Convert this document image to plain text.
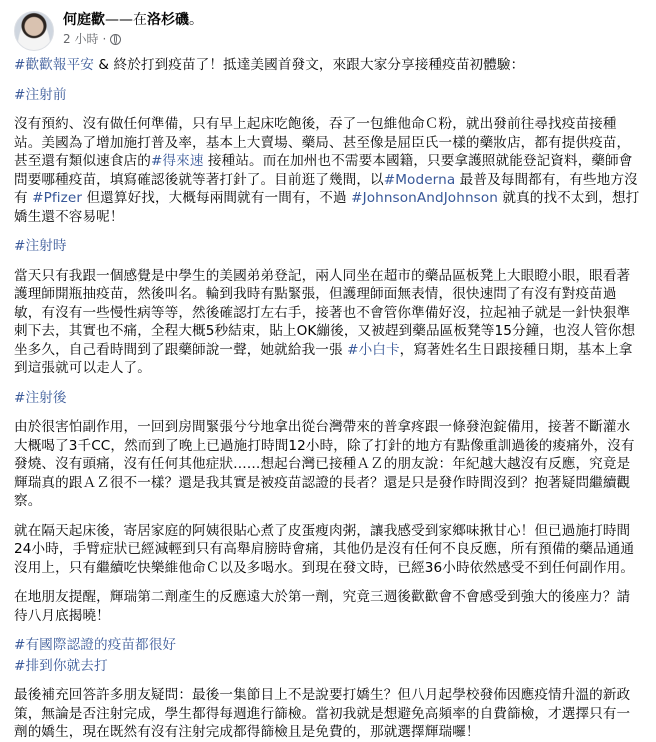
何庭歡——在洛杉磯。
2 小時 ·

#歡歡報平安 & 終於打到疫苗了！抵達美國首發文，來跟大家分享接種疫苗初體驗：

#注射前

沒有預約、沒有做任何準備，只有早上起床吃飽後，吞了一包維他命Ｃ粉，就出發前往尋找疫苗接種站。美國為了增加施打普及率，基本上大賣場、藥局、甚至像是屈臣氏一樣的藥妝店，都有提供疫苗，甚至還有類似速食店的#得來速 接種站。而在加州也不需要本國籍，只要拿護照就能登記資料，藥師會問要哪種疫苗，填寫確認後就等著打針了。目前逛了幾間，以#Moderna 最普及每間都有，有些地方沒有 #Pfizer 但還算好找，大概每兩間就有一間有，不過 #JohnsonAndJohnson 就真的找不太到，想打嬌生還不容易呢！

#注射時

當天只有我跟一個感覺是中學生的美國弟弟登記，兩人同坐在超市的藥品區板凳上大眼瞪小眼，眼看著護理師開瓶抽疫苗，然後叫名。輪到我時有點緊張，但護理師面無表情，很快速問了有沒有對疫苗過敏，有沒有一些慢性病等等，然後確認打左右手，接著也不會管你準備好沒，拉起袖子就是一針快狠準刺下去，其實也不痛，全程大概5秒結束，貼上OK繃後，又被趕到藥品區板凳等15分鐘，也沒人管你想坐多久，自己看時間到了跟藥師說一聲，她就給我一張 #小白卡，寫著姓名生日跟接種日期，基本上拿到這張就可以走人了。

#注射後

由於很害怕副作用，一回到房間緊張兮兮地拿出從台灣帶來的普拿疼跟一條發泡錠備用，接著不斷灌水大概喝了3千CC，然而到了晚上已過施打時間12小時，除了打針的地方有點像重訓過後的痠痛外，沒有發燒、沒有頭痛，沒有任何其他症狀……想起台灣已接種ＡＺ的朋友說：年紀越大越沒有反應，究竟是輝瑞真的跟ＡＺ很不一樣？還是我其實是被疫苗認證的長者？還是只是發作時間沒到？抱著疑問繼續觀察。

就在隔天起床後，寄居家庭的阿姨很貼心煮了皮蛋瘦肉粥，讓我感受到家鄉味揪甘心！但已過施打時間24小時，手臂症狀已經減輕到只有高舉肩膀時會痛，其他仍是沒有任何不良反應，所有預備的藥品通通沒用上，只有繼續吃快樂維他命Ｃ以及多喝水。到現在發文時，已經36小時依然感受不到任何副作用。

在地朋友提醒，輝瑞第二劑產生的反應遠大於第一劑，究竟三週後歡歡會不會感受到強大的後座力？請待八月底揭曉！

#有國際認證的疫苗都很好

#排到你就去打

最後補充回答許多朋友疑問：最後一集節目上不是說要打嬌生？但八月起學校發佈因應疫情升溫的新政策，無論是否注射完成，學生都得每週進行篩檢。當初我就是想避免高頻率的自費篩檢，才選擇只有一劑的嬌生，現在既然有沒有注射完成都得篩檢且是免費的，那就選擇輝瑞囉！
